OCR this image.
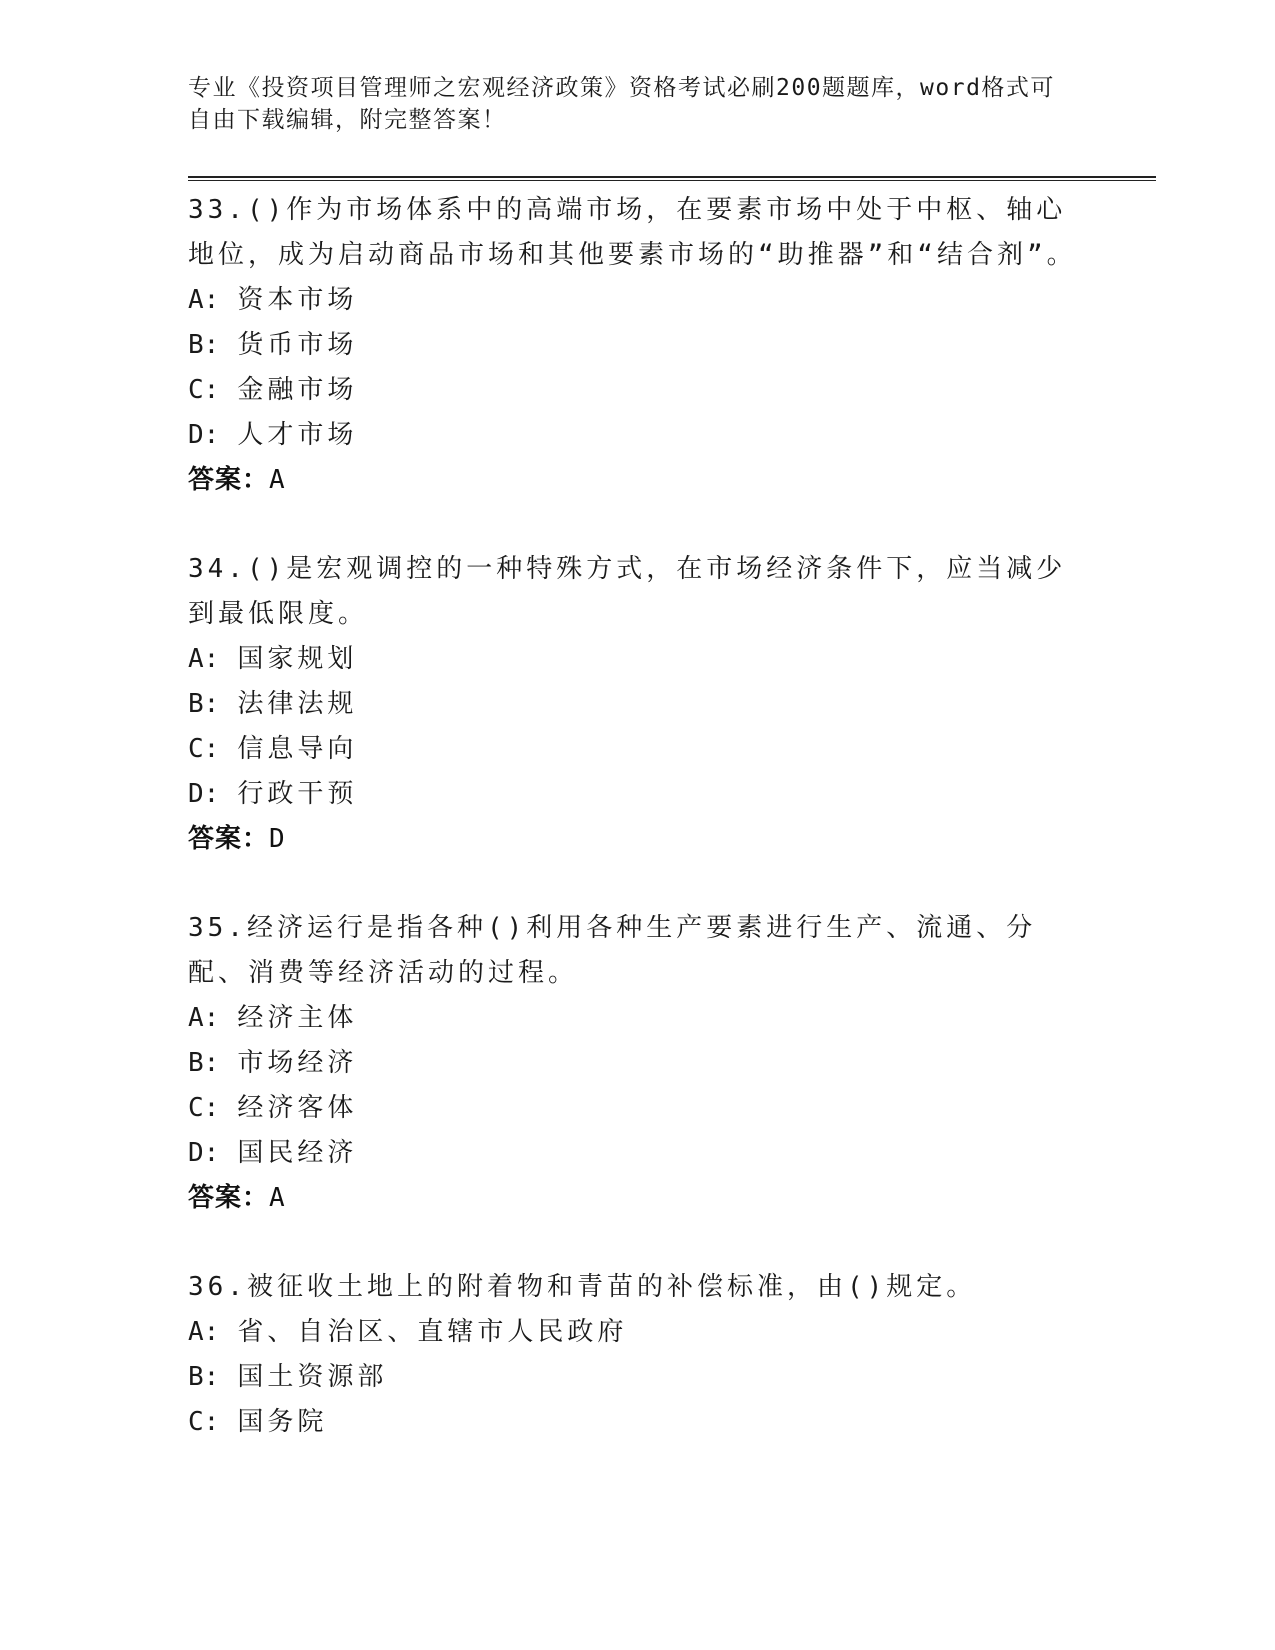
专业《投资项目管理师之宏观经济政策》资格考试必刷200题题库，word格式可自由下载编辑，附完整答案！

33.()作为市场体系中的高端市场，在要素市场中处于中枢、轴心地位，成为启动商品市场和其他要素市场的“助推器”和“结合剂”。

A: 资本市场

B: 货币市场

C: 金融市场

D: 人才市场

答案：A

34.()是宏观调控的一种特殊方式，在市场经济条件下，应当减少到最低限度。

A: 国家规划

B: 法律法规

C: 信息导向

D: 行政干预

答案：D

35.经济运行是指各种()利用各种生产要素进行生产、流通、分配、消费等经济活动的过程。

A: 经济主体

B: 市场经济

C: 经济客体

D: 国民经济

答案：A

36.被征收土地上的附着物和青苗的补偿标准，由()规定。

A: 省、自治区、直辖市人民政府

B: 国土资源部

C: 国务院
